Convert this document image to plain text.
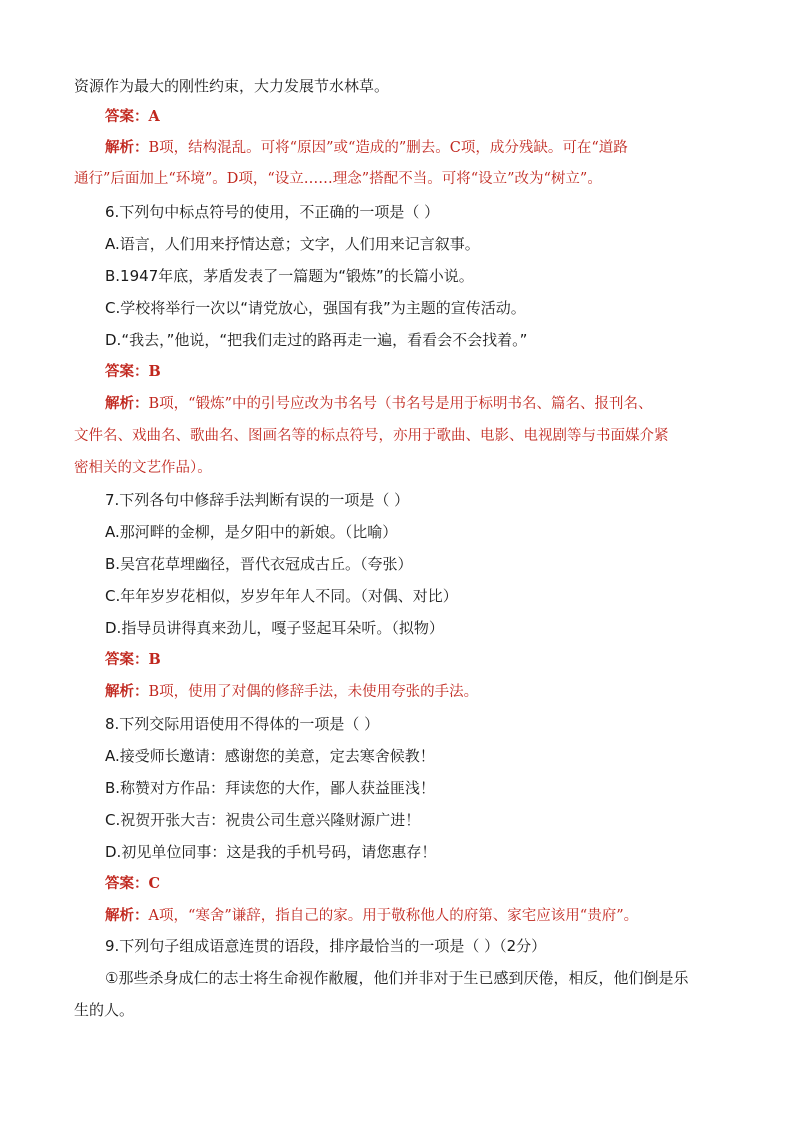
资源作为最大的刚性约束，大力发展节水林草。
答案：A
解析：B项，结构混乱。可将“原因”或“造成的”删去。C项，成分残缺。可在“道路
通行”后面加上“环境”。D项，“设立……理念”搭配不当。可将“设立”改为“树立”。
6.下列句中标点符号的使用，不正确的一项是（ ）
A.语言，人们用来抒情达意；文字，人们用来记言叙事。
B.1947年底，茅盾发表了一篇题为“锻炼”的长篇小说。
C.学校将举行一次以“请党放心，强国有我”为主题的宣传活动。
D.“我去，”他说，“把我们走过的路再走一遍，看看会不会找着。”
答案：B
解析：B项，“锻炼”中的引号应改为书名号（书名号是用于标明书名、篇名、报刊名、
文件名、戏曲名、歌曲名、图画名等的标点符号，亦用于歌曲、电影、电视剧等与书面媒介紧
密相关的文艺作品）。
7.下列各句中修辞手法判断有误的一项是（ ）
A.那河畔的金柳，是夕阳中的新娘。（比喻）
B.吴宫花草埋幽径，晋代衣冠成古丘。（夸张）
C.年年岁岁花相似，岁岁年年人不同。（对偶、对比）
D.指导员讲得真来劲儿，嘎子竖起耳朵听。（拟物）
答案：B
解析：B项，使用了对偶的修辞手法，未使用夸张的手法。
8.下列交际用语使用不得体的一项是（ ）
A.接受师长邀请：感谢您的美意，定去寒舍候教！
B.称赞对方作品：拜读您的大作，鄙人获益匪浅！
C.祝贺开张大吉：祝贵公司生意兴隆财源广进！
D.初见单位同事：这是我的手机号码，请您惠存！
答案：C
解析：A项，“寒舍”谦辞，指自己的家。用于敬称他人的府第、家宅应该用“贵府”。
9.下列句子组成语意连贯的语段，排序最恰当的一项是（ ）（2分）
①那些杀身成仁的志士将生命视作敝履，他们并非对于生已感到厌倦，相反，他们倒是乐
生的人。
